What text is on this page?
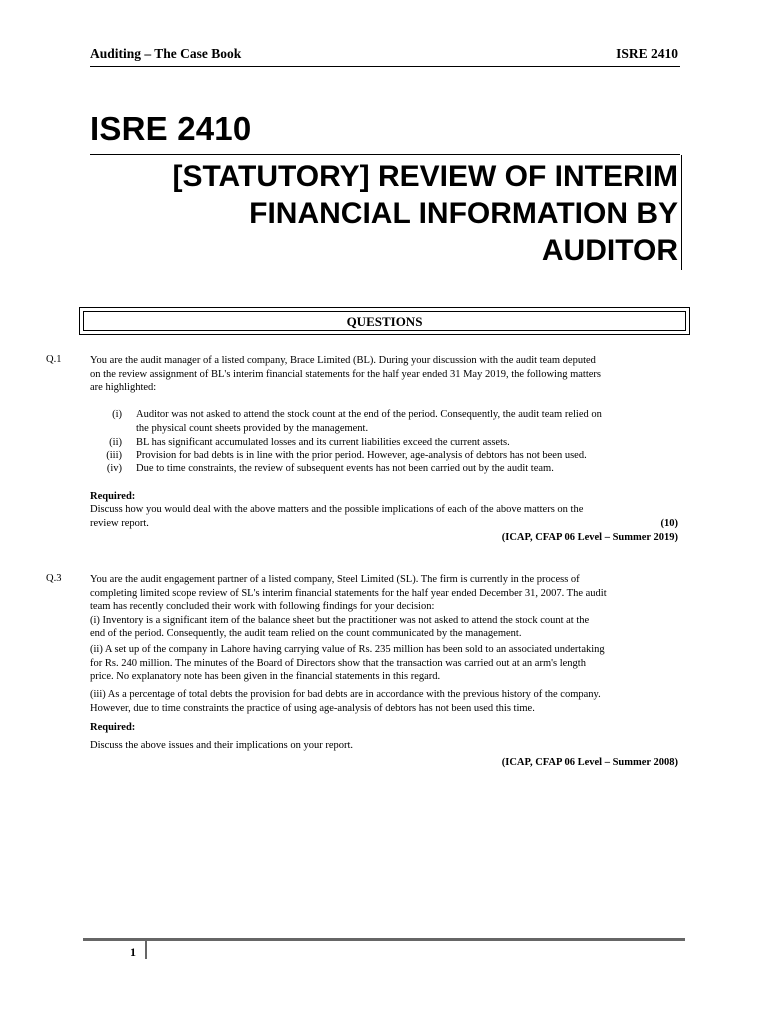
Auditing – The Case Book	ISRE 2410
ISRE 2410
[STATUTORY] REVIEW OF INTERIM
FINANCIAL INFORMATION BY
AUDITOR
QUESTIONS
Q.1	You are the audit manager of a listed company, Brace Limited (BL). During your discussion with the audit team deputed
on the review assignment of BL's interim financial statements for the half year ended 31 May 2019, the following matters
are highlighted:
(i) Auditor was not asked to attend the stock count at the end of the period. Consequently, the audit team relied on
the physical count sheets provided by the management.
(ii) BL has significant accumulated losses and its current liabilities exceed the current assets.
(iii) Provision for bad debts is in line with the prior period. However, age-analysis of debtors has not been used.
(iv) Due to time constraints, the review of subsequent events has not been carried out by the audit team.
Required:
Discuss how you would deal with the above matters and the possible implications of each of the above matters on the
review report.	(10)
(ICAP, CFAP 06 Level – Summer 2019)
Q.3	You are the audit engagement partner of a listed company, Steel Limited (SL). The firm is currently in the process of
completing limited scope review of SL's interim financial statements for the half year ended December 31, 2007. The audit
team has recently concluded their work with following findings for your decision:
(i) Inventory is a significant item of the balance sheet but the practitioner was not asked to attend the stock count at the
end of the period. Consequently, the audit team relied on the count communicated by the management.
(ii) A set up of the company in Lahore having carrying value of Rs. 235 million has been sold to an associated undertaking
for Rs. 240 million. The minutes of the Board of Directors show that the transaction was carried out at an arm's length
price. No explanatory note has been given in the financial statements in this regard.
(iii) As a percentage of total debts the provision for bad debts are in accordance with the previous history of the company.
However, due to time constraints the practice of using age-analysis of debtors has not been used this time.
Required:
Discuss the above issues and their implications on your report.
(ICAP, CFAP 06 Level – Summer 2008)
1
